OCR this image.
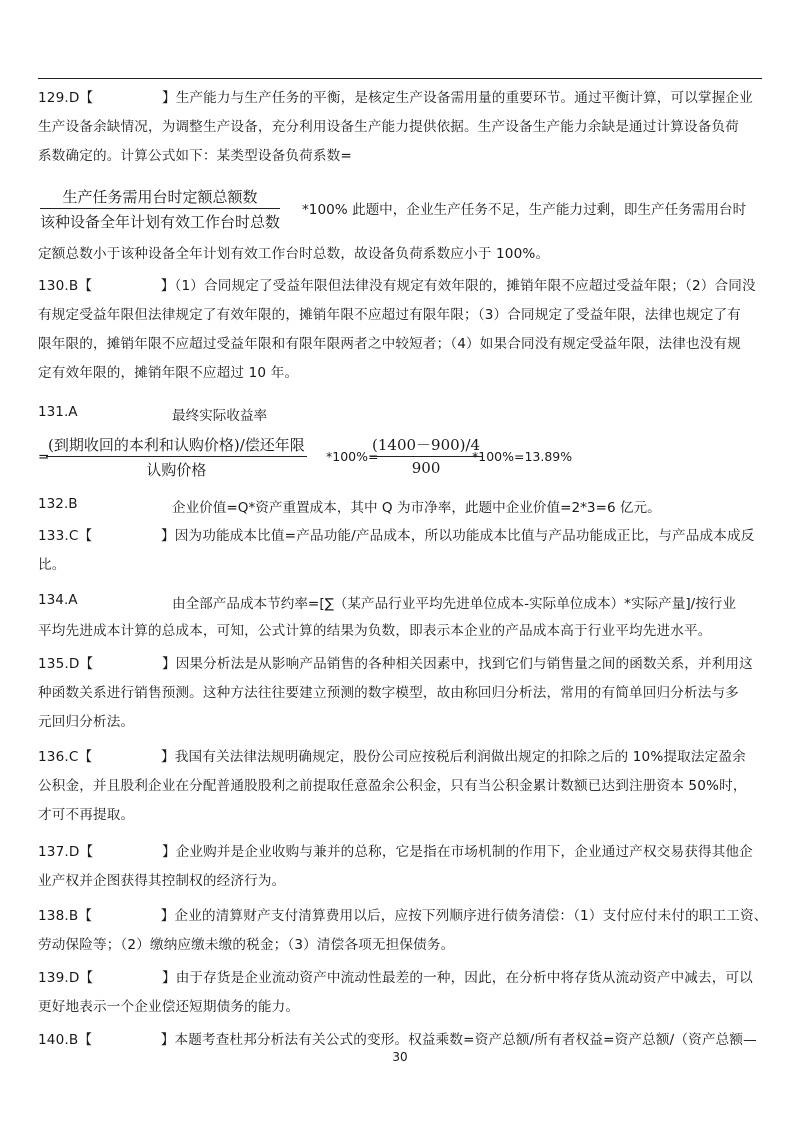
129.D【　　　　　】生产能力与生产任务的平衡，是核定生产设备需用量的重要环节。通过平衡计算，可以掌握企业
生产设备余缺情况，为调整生产设备，充分利用设备生产能力提供依据。生产设备生产能力余缺是通过计算设备负荷
系数确定的。计算公式如下：某类型设备负荷系数=
生产任务需用台时定额总额数
该种设备全年计划有效工作台时总数
*100% 此题中，企业生产任务不足，生产能力过剩，即生产任务需用台时
定额总数小于该种设备全年计划有效工作台时总数，故设备负荷系数应小于 100%。
130.B【　　　　　】（1）合同规定了受益年限但法律没有规定有效年限的，摊销年限不应超过受益年限；（2）合同没
有规定受益年限但法律规定了有效年限的，摊销年限不应超过有限年限；（3）合同规定了受益年限，法律也规定了有
限年限的，摊销年限不应超过受益年限和有限年限两者之中较短者；（4）如果合同没有规定受益年限，法律也没有规
定有效年限的，摊销年限不应超过 10 年。
131.A	最终实际收益率
=
(到期收回的本利和认购价格)/偿还年限
认购价格
*100%=
$\frac{(1400-900)/4}{900}$
*100%=13.89%
132.B	企业价值=Q*资产重置成本，其中 Q 为市净率，此题中企业价值=2*3=6 亿元。
133.C【　　　　　】因为功能成本比值=产品功能/产品成本，所以功能成本比值与产品功能成正比，与产品成本成反
比。
134.A	由全部产品成本节约率=[∑（某产品行业平均先进单位成本-实际单位成本）*实际产量]/按行业
平均先进成本计算的总成本，可知，公式计算的结果为负数，即表示本企业的产品成本高于行业平均先进水平。
135.D【　　　　　】因果分析法是从影响产品销售的各种相关因素中，找到它们与销售量之间的函数关系，并利用这
种函数关系进行销售预测。这种方法往往要建立预测的数字模型，故由称回归分析法，常用的有简单回归分析法与多
元回归分析法。
136.C【　　　　　】我国有关法律法规明确规定，股份公司应按税后利润做出规定的扣除之后的 10%提取法定盈余
公积金，并且股利企业在分配普通股股利之前提取任意盈余公积金，只有当公积金累计数额已达到注册资本 50%时，
才可不再提取。
137.D【　　　　　】企业购并是企业收购与兼并的总称，它是指在市场机制的作用下，企业通过产权交易获得其他企
业产权并企图获得其控制权的经济行为。
138.B【　　　　　】企业的清算财产支付清算费用以后，应按下列顺序进行债务清偿：（1）支付应付未付的职工工资、
劳动保险等；（2）缴纳应缴未缴的税金；（3）清偿各项无担保债务。
139.D【　　　　　】由于存货是企业流动资产中流动性最差的一种，因此，在分析中将存货从流动资产中减去，可以
更好地表示一个企业偿还短期债务的能力。
140.B【　　　　　】本题考查杜邦分析法有关公式的变形。权益乘数=资产总额/所有者权益=资产总额/（资产总额—
30
